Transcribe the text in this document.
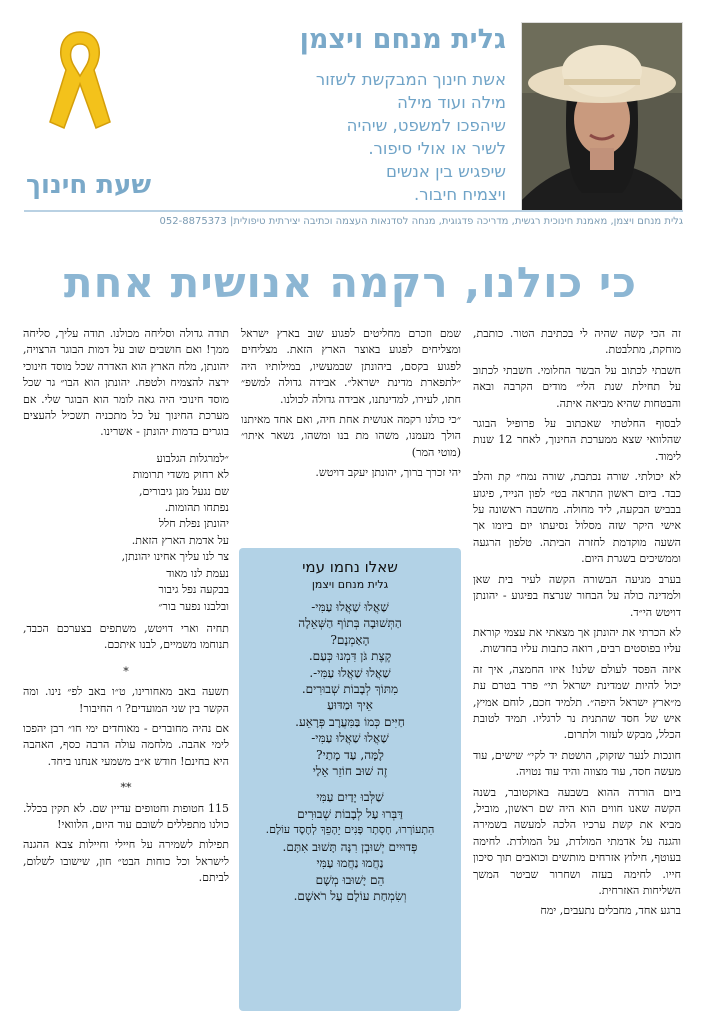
גלית מנחם ויצמן
אשת חינוך המבקשת לשזור
מילה ועוד מילה
שיהפכו למשפט, שיהיה
לשיר או אולי סיפור.
שיפגיש בין אנשים
ויצמיח חיבור.
שעת חינוך
גלית מנחם ויצמן, מאמנת חינוכית רגשית, מדריכה פדגוגית, מנחה לסדנאות העצמה וכתיבה יצירתית טיפולית| 052-8875373
כי כולנו, רקמה אנושית אחת

זה הכי קשה שהיה לי בכתיבת הטור. כותבת, מוחקת, מתלבטת.

חשבתי לכתוב על הבשר החלומי. חשבתי לכתוב על תחילת שנת הלי״ מודים הקרבה ובאה והבטחות שהיא מביאה איתה.

לבסוף החלטתי שאכתוב על פרופיל הבוגר שהלוואי שצא ממערכת החינוך, לאחר 12 שנות לימוד.

לא יכולתי. שורה נכתבת, שורה נמח״ קת והלב כבד. ביום ראשון התראה בט״ לפון הנייד, פיגוע בבביש הבקעה, ליד מחולה. מחשבה ראשונה על אישי היקר שזה מסלול נסיעתו יום ביומו אך השעה מוקדמת לחזרה הביתה. טלפון הרגעה וממשיכים בשגרת היום.

בערב מגיעה הבשורה הקשה לעיר בית שאן ולמדינה כולה על הבחור שנרצח בפיגוע - יהונתן דויטש הי״ד.

לא הכרתי את יהונתן אך מצאתי את עצמי קוראת עליו בפוסטים רבים, רואה כתבות עליו בחדשות.

איזה הפסד לעולם שלנו! איזו החמצה, איך זה יכול להיות שמדינת ישראל תי״ פרד בטרם עת מ״ארץ ישראל היפה״. תלמיד חכם, לוחם אמיץ, איש של חסד שהתנית נר לרגליו. תמיד לטובת הכלל, מבקש לעזור ולתרום.

חונכות לנער שזקוק, הושטת יד לקי״ שישים, עוד מעשה חסד, עוד מצווה והיד עוד נטויה.

ביום הורדה ההוא בשבעה באוקטובר, בשנה הקשה שאנו חווים הוא היה שם ראשון, מוביל, מביא את קשת ערכיו הלכה למעשה בשמירה והגנה על אדמתי המולדת, על המולדת. לחימה בעוטף, חילוץ אזרחים מותשים וכואבים תוך סיכון חייו. לחימה בעזה ושחרור שביטר המשך השליחות האזרחית.

ברגע אחד, מחבלים נתעבים, ימח

שמם וזכרם מחליטים לפגוע שוב בארץ ישראל ומצליחים לפגוע באוצר הארץ הזאת. מצליחים לפגוע בקסם, ביהונתן שבמעשיו, במילותיו היה ״לתפארת מדינת ישראל״. אבידה גדולה למשפ״ חתו, לעירו, למדינתנו, אבידה גדולה לכולנו.

״כי כולנו רקמה אנושית אחת חיה, ואם אחד מאיתנו הולך מעמנו, משהו מת בנו ומשהו, נשאר איתו״ (מוטי המר)

יהי זכרך ברוך, יהונתן יעקב דויטש.

שאלו נחמו עמי
גלית מנחם ויצמן
שַׁאֲלוּ שַׁאֲלוּ עַמִּי-
הַתְּשׁוּבָה בְּתוֹף הַשְּׁאֵלָה
הָאַמְנָם?
קֶצֶת גֹּן דִּמְנוּ כְּעַם.
שַׁאֲלוּ שַׁאֲלוּ עַמִּי-.
מִתּוֹךְ לְבָבוֹת שְׁבוּרִים.
אֵיךְ וּמַדּוּעַ
חַיִּים כְּמוֹ בַּמִּעֲרָב פְּרָאֵע.
שַׁאֲלוּ שַׁאֲלוּ עַמִּי-
לָמָּה, עַד מָתַי?
זֶה שׁוּב חוֹזֵר אֵלַי
שַׁלְּבוּ יָדַיִם עַמִּי
דַּבְּרוּ עַל לְבָבוֹת שְׁבוּרִים
הִתְעוֹרְרוּ, חָסְתָר פָּנִים יֵהָפֵךְ לְחֶסֶד עוֹלָם.
פְּדוּיִים יְשׁוּבְן רִנָּה תָּשׁוּב אִתָּם.
נַחֲמוּ נַחֲמוּ עַמִּי
הֵם יָשׁוּבוּ מְשָׁם
וְשִׂמְחַת עוֹלָם עַל רֹאשָׁם.

תודה גדולה וסליחה מכולנו. תודה עליך, סליחה ממך! ואם חושבים שוב על דמות הבוגר הרצויה, יהונתן, מלח הארץ הוא האדרה שכל מוסד חינוכי ירצה להצמיח ולטפח. יהונתן הוא הבו״ גר שכל מוסד חינוכי היה גאה לומר הוא הבוגר שלי. אם מערכת החינוך על כל מתכניה תשכיל להעצים בוגרים בדמות יהונתן - אשרינו.

״למרגלות הגלבוע
לא רחוק משדי תרומות
שם נגעל מגן גיבורים,
נפתחו תהומות.
יהונתן נפלת חלל
על אדמת הארץ הזאת.
צר לנו עליך אחינו יהונתן,
נעמת לנו מאוד
בבקעה נפל גיבור
ובלבנו נפער בור״

תחיה וארי דויטש, משתפים בצערכם הכבד, תנוחמו משמיים, לבנו איתכם.

*

תשעה באב מאחורינו, ט״ו באב לפ״ נינו. ומה הקשר בין שני המועדים? ו׳ החיבור!

אם נהיה מחוברים - מאוחדים ימי חו״ רבן יהפכו לימי אהבה. מלחמה עולה הרבה כסף, האהבה היא בחינם! חודש א״ב משמעי אנחנו ביחד.

**

115 חטופות וחטופים עדיין שם. לא תקין בכלל. כולנו מתפללים לשובם עוד היום, הלוואי!

תפילות לשמירה על חיילי וחיילות צבא ההגנה לישראל וכל כוחות הבט״ חון, שישובו לשלום, לביתם.
